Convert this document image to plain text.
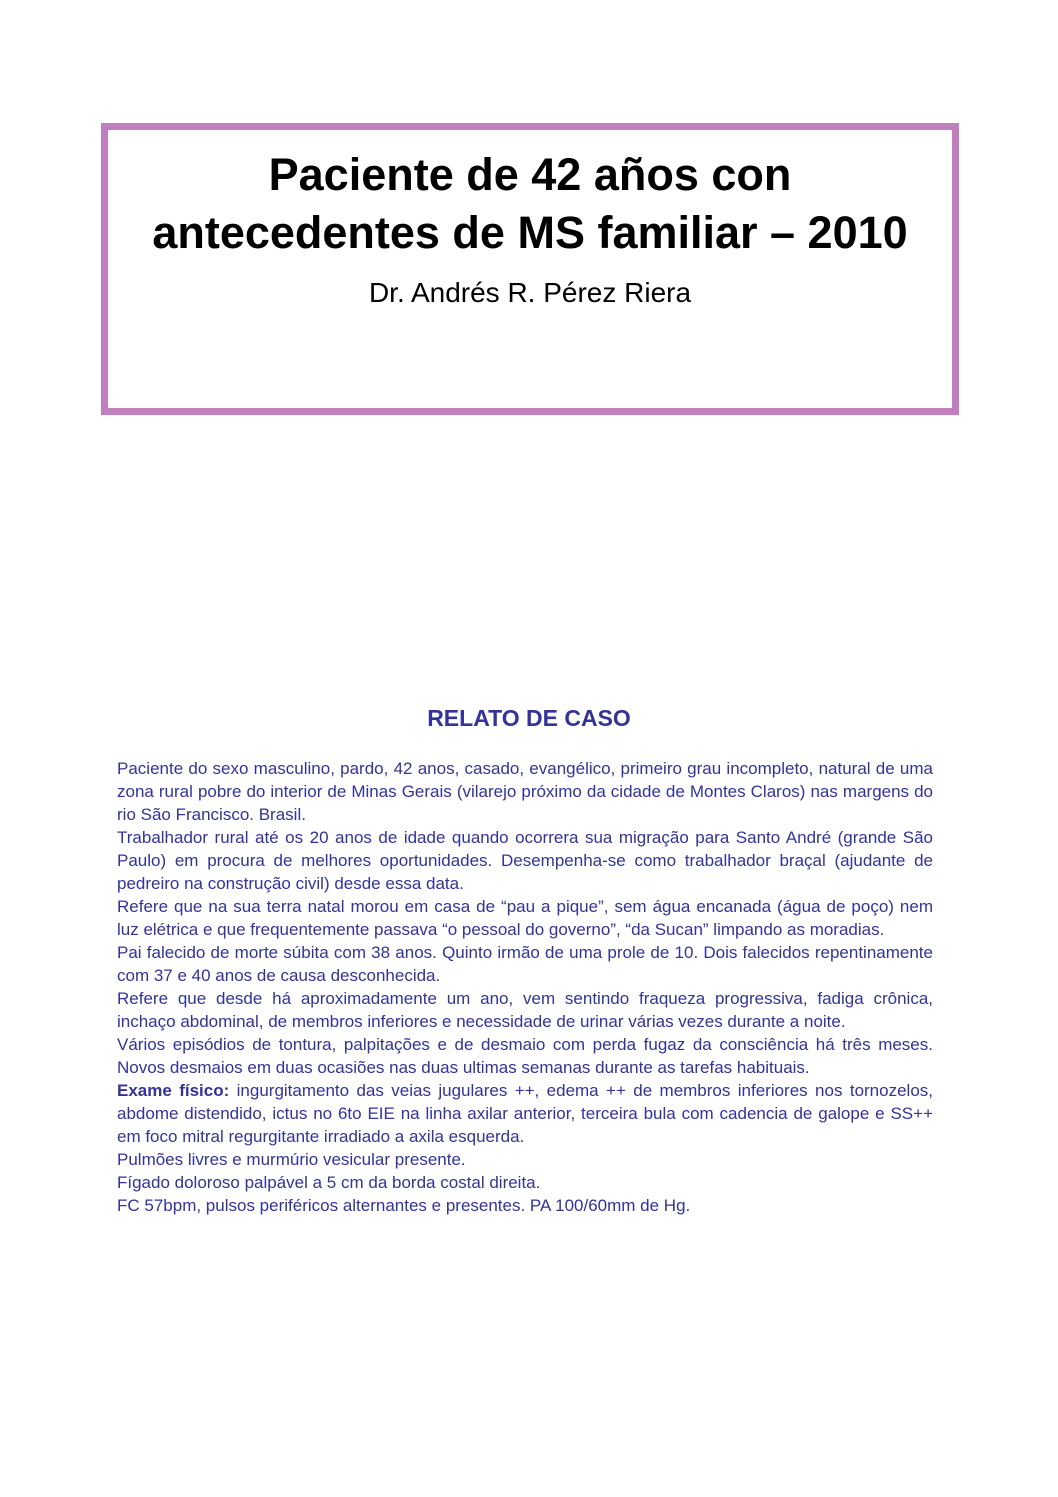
Paciente de 42 años con antecedentes de MS familiar – 2010
Dr. Andrés R. Pérez Riera
RELATO DE CASO

Paciente do sexo masculino, pardo, 42 anos, casado, evangélico, primeiro grau incompleto, natural de uma zona rural pobre do interior de Minas Gerais (vilarejo próximo da cidade de Montes Claros) nas margens do rio São Francisco. Brasil.

Trabalhador rural até os 20 anos de idade quando ocorrera sua migração para Santo André (grande São Paulo) em procura de melhores oportunidades. Desempenha-se como trabalhador braçal (ajudante de pedreiro na construção civil) desde essa data.

Refere que na sua terra natal morou em casa de “pau a pique”, sem água encanada (água de poço) nem luz elétrica e que frequentemente passava “o pessoal do governo”, “da Sucan” limpando as moradias.

Pai falecido de morte súbita com 38 anos. Quinto irmão de uma prole de 10. Dois falecidos repentinamente com 37 e 40 anos de causa desconhecida.

Refere que desde há aproximadamente um ano, vem sentindo fraqueza progressiva, fadiga crônica, inchaço abdominal, de membros inferiores e necessidade de urinar várias vezes durante a noite.

Vários episódios de tontura, palpitações e de desmaio com perda fugaz da consciência há três meses. Novos desmaios em duas ocasiões nas duas ultimas semanas durante as tarefas habituais.

Exame físico: ingurgitamento das veias jugulares ++, edema ++ de membros inferiores nos tornozelos, abdome distendido, ictus no 6to EIE na linha axilar anterior, terceira bula com cadencia de galope e SS++ em foco mitral regurgitante irradiado a axila esquerda.

Pulmões livres e murmúrio vesicular presente.

Fígado doloroso palpável a 5 cm da borda costal direita.

FC 57bpm, pulsos periféricos alternantes e presentes. PA 100/60mm de Hg.
